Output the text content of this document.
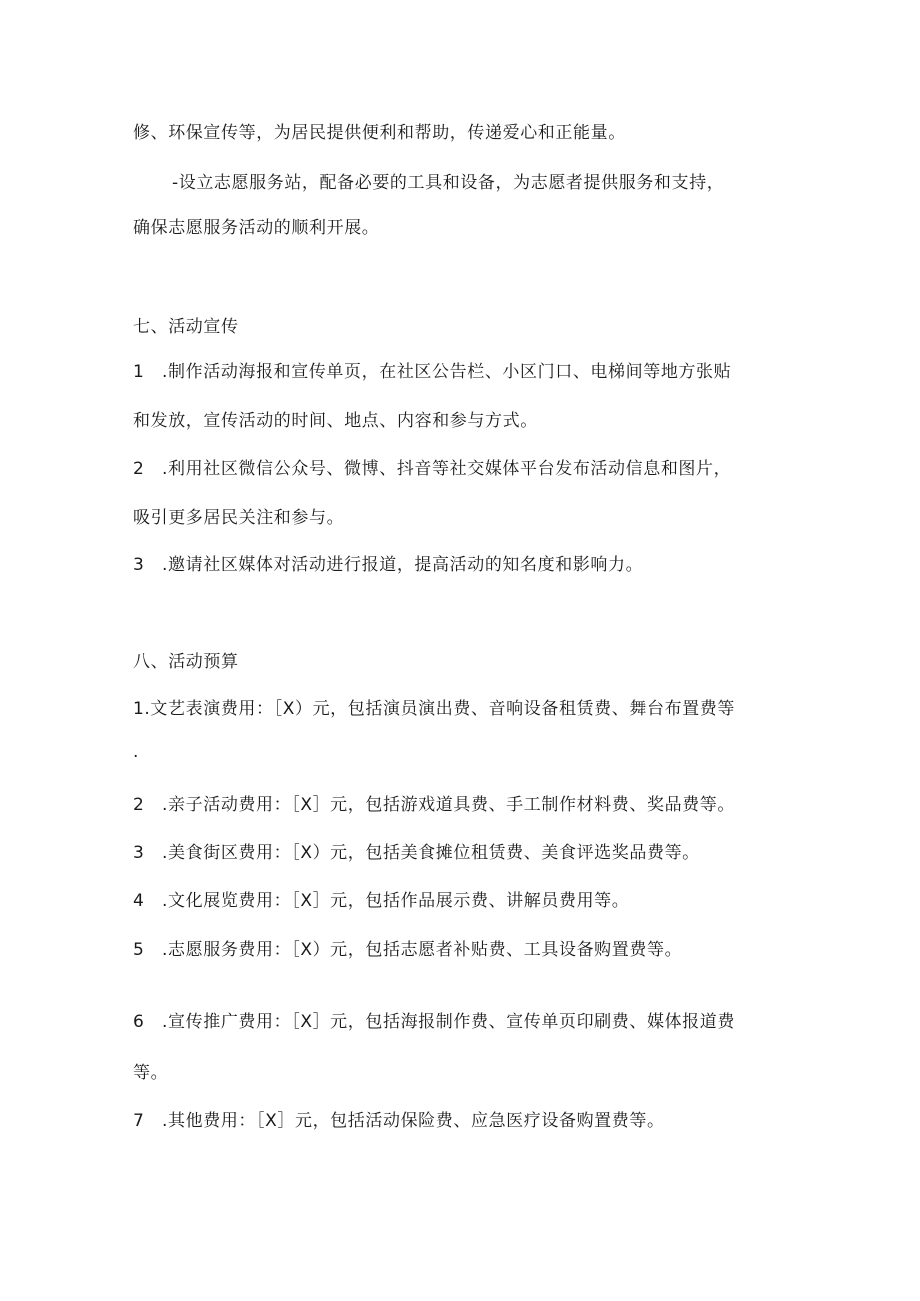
修、环保宣传等，为居民提供便利和帮助，传递爱心和正能量。
-设立志愿服务站，配备必要的工具和设备，为志愿者提供服务和支持，
确保志愿服务活动的顺利开展。
七、活动宣传
1　.制作活动海报和宣传单页，在社区公告栏、小区门口、电梯间等地方张贴
和发放，宣传活动的时间、地点、内容和参与方式。
2　.利用社区微信公众号、微博、抖音等社交媒体平台发布活动信息和图片，
吸引更多居民关注和参与。
3　.邀请社区媒体对活动进行报道，提高活动的知名度和影响力。
八、活动预算
1.文艺表演费用：［X）元，包括演员演出费、音响设备租赁费、舞台布置费等
.
2　.亲子活动费用：［X］元，包括游戏道具费、手工制作材料费、奖品费等。
3　.美食街区费用：［X）元，包括美食摊位租赁费、美食评选奖品费等。
4　.文化展览费用：［X］元，包括作品展示费、讲解员费用等。
5　.志愿服务费用：［X）元，包括志愿者补贴费、工具设备购置费等。
6　.宣传推广费用：［X］元，包括海报制作费、宣传单页印刷费、媒体报道费
等。
7　.其他费用：［X］元，包括活动保险费、应急医疗设备购置费等。
